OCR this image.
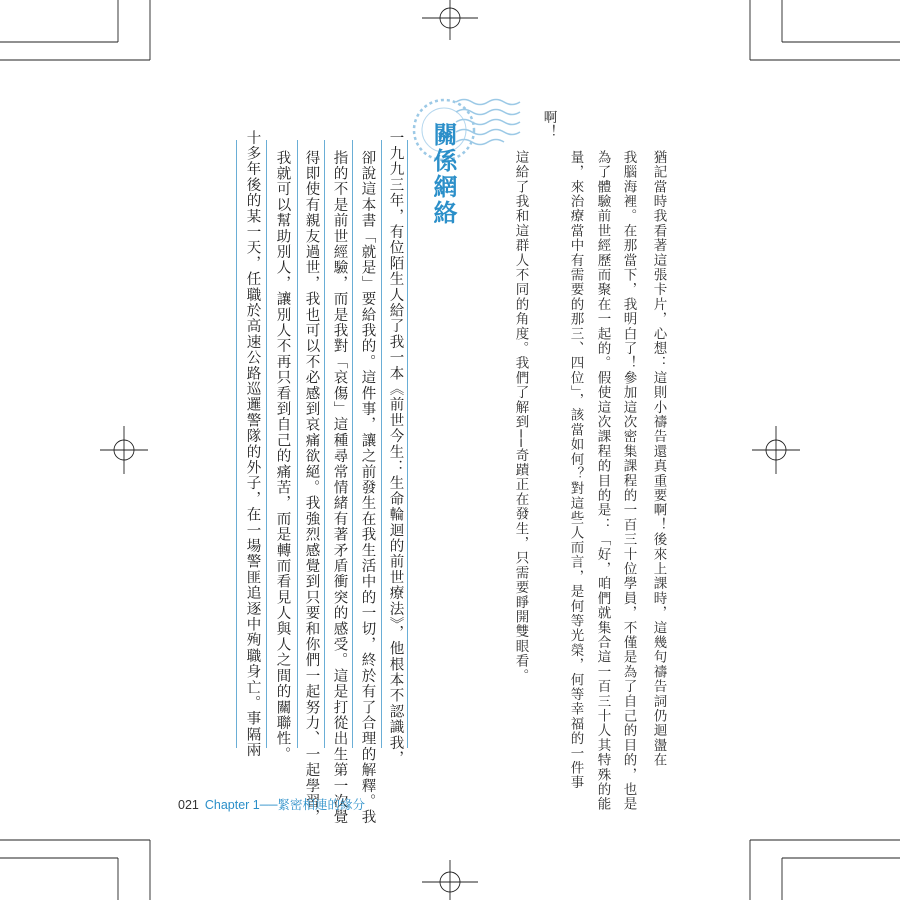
關係網絡	猶記當時我看著這張卡片，心想：這則小禱告還真重要啊！後來上課時，這幾句禱告詞仍迴盪在
我腦海裡。在那當下，我明白了！參加這次密集課程的一百三十位學員，不僅是為了自己的目的，也是
為了體驗前世經歷而聚在一起的。假使這次課程的目的是：「好，咱們就集合這一百三十人其特殊的能
量，來治療當中有需要的那三、四位」，該當如何？對這些人而言，是何等光榮，何等幸福的一件事
啊！
這給了我和這群人不同的角度。我們了解到──奇蹟正在發生，只需要睜開雙眼看。
一九九三年，有位陌生人給了我一本《前世今生：生命輪迴的前世療法》，他根本不認識我，
卻說這本書「就是」要給我的。這件事，讓之前發生在我生活中的一切，終於有了合理的解釋。我
指的不是前世經驗，而是我對「哀傷」這種尋常情緒有著矛盾衝突的感受。這是打從出生第一次覺
得即使有親友過世，我也可以不必感到哀痛欲絕。我強烈感覺到只要和你們一起努力、一起學習，
我就可以幫助別人，讓別人不再只看到自己的痛苦，而是轉而看見人與人之間的關聯性。
十多年後的某一天，任職於高速公路巡邏警隊的外子，在一場警匪追逐中殉職身亡。事隔兩
021 Chapter 1──緊密相連的緣分
